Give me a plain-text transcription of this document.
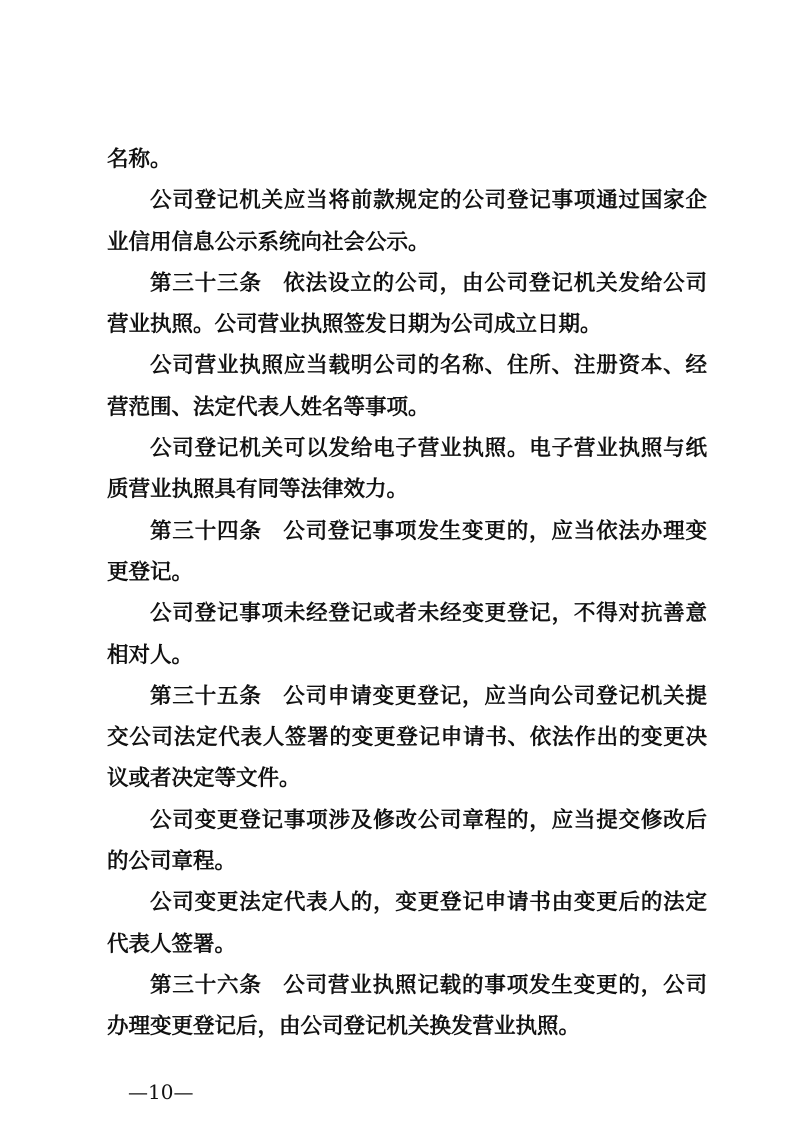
名称。

公司登记机关应当将前款规定的公司登记事项通过国家企业信用信息公示系统向社会公示。

第三十三条 依法设立的公司，由公司登记机关发给公司营业执照。公司营业执照签发日期为公司成立日期。

公司营业执照应当载明公司的名称、住所、注册资本、经营范围、法定代表人姓名等事项。

公司登记机关可以发给电子营业执照。电子营业执照与纸质营业执照具有同等法律效力。

第三十四条 公司登记事项发生变更的，应当依法办理变更登记。

公司登记事项未经登记或者未经变更登记，不得对抗善意相对人。

第三十五条 公司申请变更登记，应当向公司登记机关提交公司法定代表人签署的变更登记申请书、依法作出的变更决议或者决定等文件。

公司变更登记事项涉及修改公司章程的，应当提交修改后的公司章程。

公司变更法定代表人的，变更登记申请书由变更后的法定代表人签署。

第三十六条 公司营业执照记载的事项发生变更的，公司办理变更登记后，由公司登记机关换发营业执照。

—10—
